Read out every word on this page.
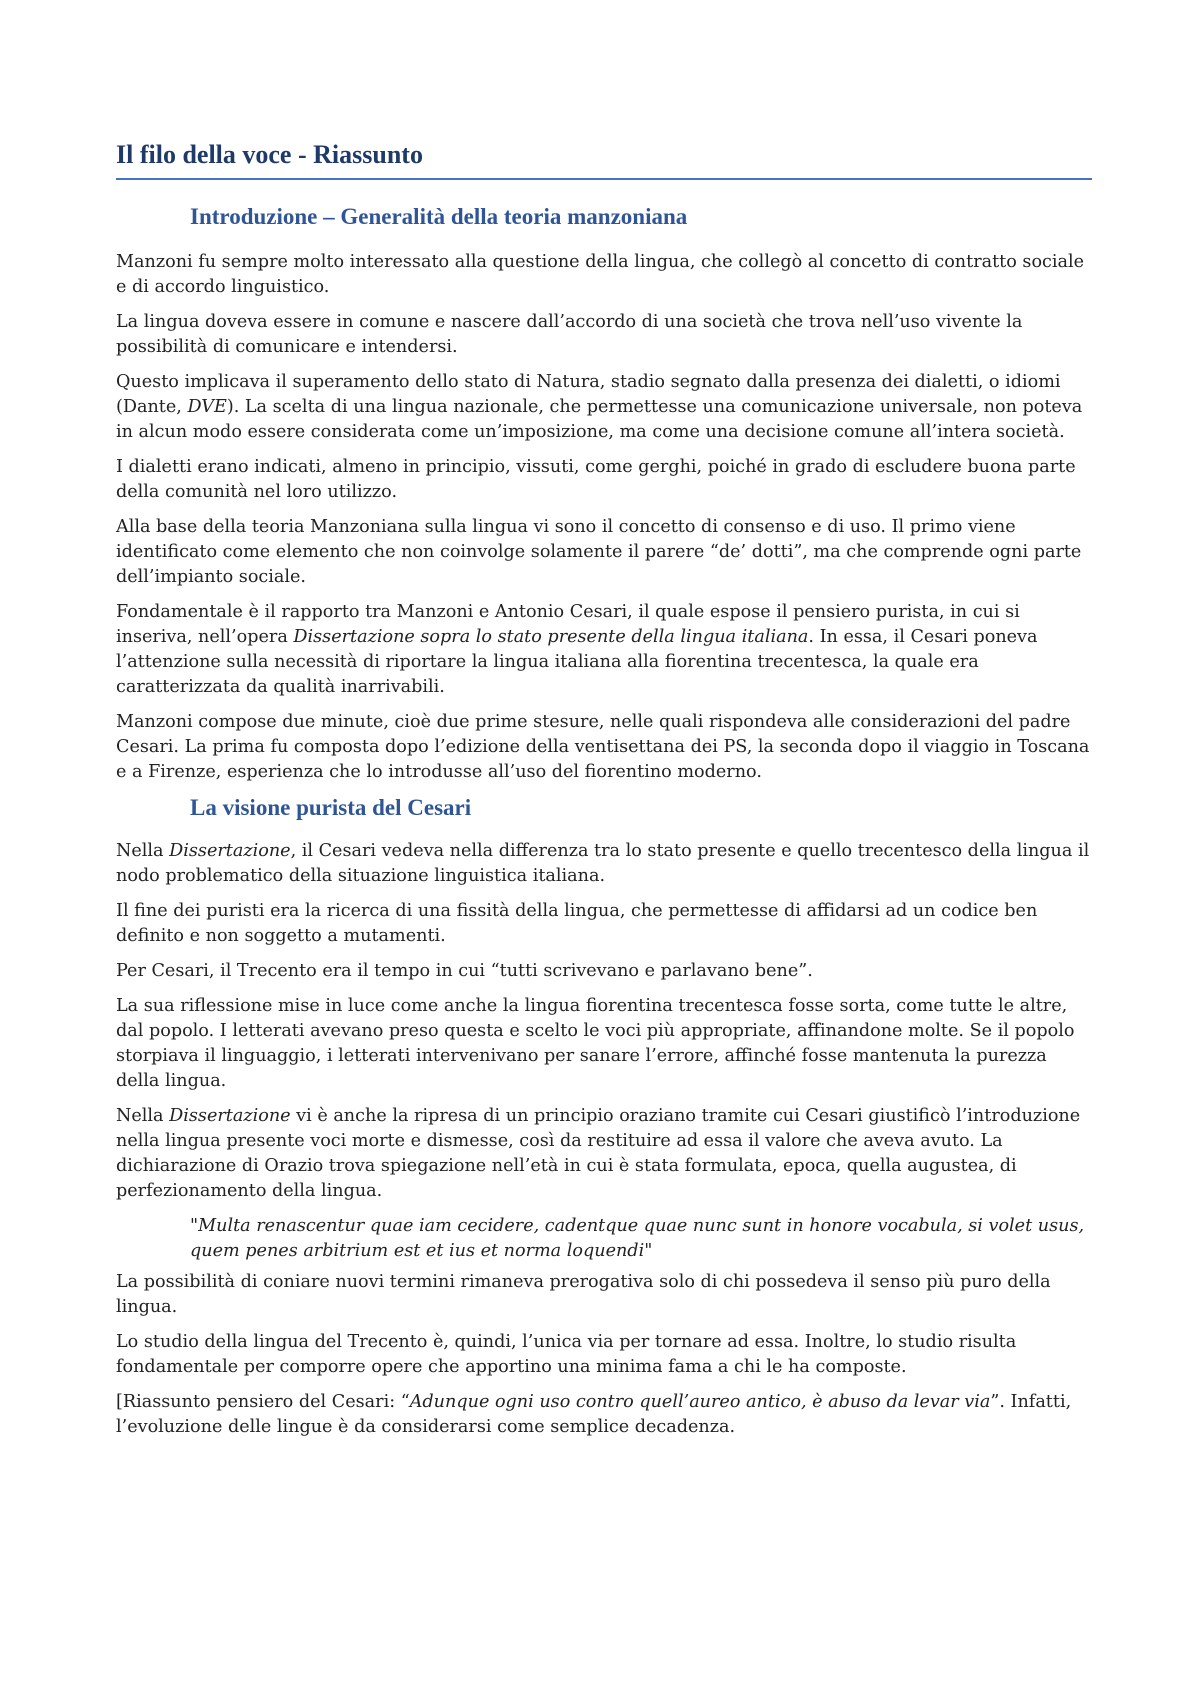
Il filo della voce - Riassunto
Introduzione – Generalità della teoria manzoniana

Manzoni fu sempre molto interessato alla questione della lingua, che collegò al concetto di contratto sociale e di accordo linguistico.

La lingua doveva essere in comune e nascere dall’accordo di una società che trova nell’uso vivente la possibilità di comunicare e intendersi.

Questo implicava il superamento dello stato di Natura, stadio segnato dalla presenza dei dialetti, o idiomi (Dante, DVE). La scelta di una lingua nazionale, che permettesse una comunicazione universale, non poteva in alcun modo essere considerata come un’imposizione, ma come una decisione comune all’intera società.

I dialetti erano indicati, almeno in principio, vissuti, come gerghi, poiché in grado di escludere buona parte della comunità nel loro utilizzo.

Alla base della teoria Manzoniana sulla lingua vi sono il concetto di consenso e di uso. Il primo viene identificato come elemento che non coinvolge solamente il parere “de’ dotti”, ma che comprende ogni parte dell’impianto sociale.

Fondamentale è il rapporto tra Manzoni e Antonio Cesari, il quale espose il pensiero purista, in cui si inseriva, nell’opera Dissertazione sopra lo stato presente della lingua italiana. In essa, il Cesari poneva l’attenzione sulla necessità di riportare la lingua italiana alla fiorentina trecentesca, la quale era caratterizzata da qualità inarrivabili.

Manzoni compose due minute, cioè due prime stesure, nelle quali rispondeva alle considerazioni del padre Cesari. La prima fu composta dopo l’edizione della ventisettana dei PS, la seconda dopo il viaggio in Toscana e a Firenze, esperienza che lo introdusse all’uso del fiorentino moderno.

La visione purista del Cesari

Nella Dissertazione, il Cesari vedeva nella differenza tra lo stato presente e quello trecentesco della lingua il nodo problematico della situazione linguistica italiana.

Il fine dei puristi era la ricerca di una fissità della lingua, che permettesse di affidarsi ad un codice ben definito e non soggetto a mutamenti.

Per Cesari, il Trecento era il tempo in cui “tutti scrivevano e parlavano bene”.

La sua riflessione mise in luce come anche la lingua fiorentina trecentesca fosse sorta, come tutte le altre, dal popolo. I letterati avevano preso questa e scelto le voci più appropriate, affinandone molte. Se il popolo storpiava il linguaggio, i letterati intervenivano per sanare l’errore, affinché fosse mantenuta la purezza della lingua.

Nella Dissertazione vi è anche la ripresa di un principio oraziano tramite cui Cesari giustificò l’introduzione nella lingua presente voci morte e dismesse, così da restituire ad essa il valore che aveva avuto. La dichiarazione di Orazio trova spiegazione nell’età in cui è stata formulata, epoca, quella augustea, di perfezionamento della lingua.

"Multa renascentur quae iam cecidere, cadentque quae nunc sunt in honore vocabula, si volet usus, quem penes arbitrium est et ius et norma loquendi"

La possibilità di coniare nuovi termini rimaneva prerogativa solo di chi possedeva il senso più puro della lingua.

Lo studio della lingua del Trecento è, quindi, l’unica via per tornare ad essa. Inoltre, lo studio risulta fondamentale per comporre opere che apportino una minima fama a chi le ha composte.

[Riassunto pensiero del Cesari: “Adunque ogni uso contro quell’aureo antico, è abuso da levar via”. Infatti, l’evoluzione delle lingue è da considerarsi come semplice decadenza.
